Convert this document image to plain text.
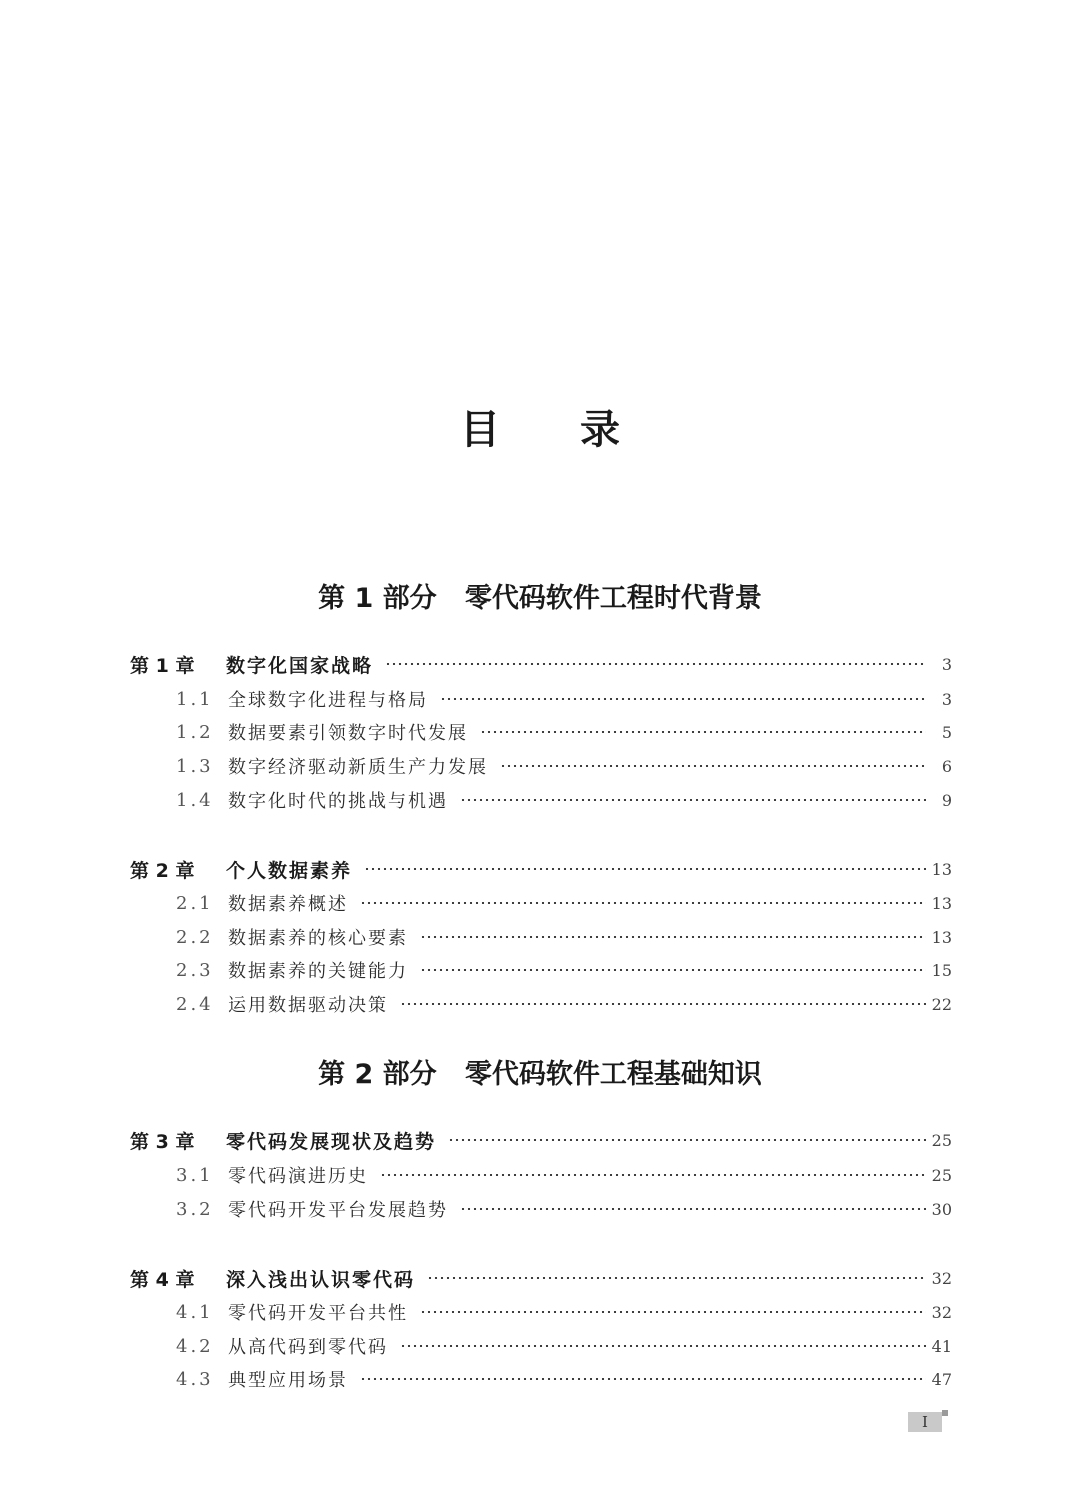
目 录
第 1 部分   零代码软件工程时代背景
第 1 章	数字化国家战略	3
1.1 全球数字化进程与格局	3
1.2 数据要素引领数字时代发展	5
1.3 数字经济驱动新质生产力发展	6
1.4 数字化时代的挑战与机遇	9
第 2 章	个人数据素养	13
2.1 数据素养概述	13
2.2 数据素养的核心要素	13
2.3 数据素养的关键能力	15
2.4 运用数据驱动决策	22
第 2 部分   零代码软件工程基础知识
第 3 章	零代码发展现状及趋势	25
3.1 零代码演进历史	25
3.2 零代码开发平台发展趋势	30
第 4 章	深入浅出认识零代码	32
4.1 零代码开发平台共性	32
4.2 从高代码到零代码	41
4.3 典型应用场景	47
I
